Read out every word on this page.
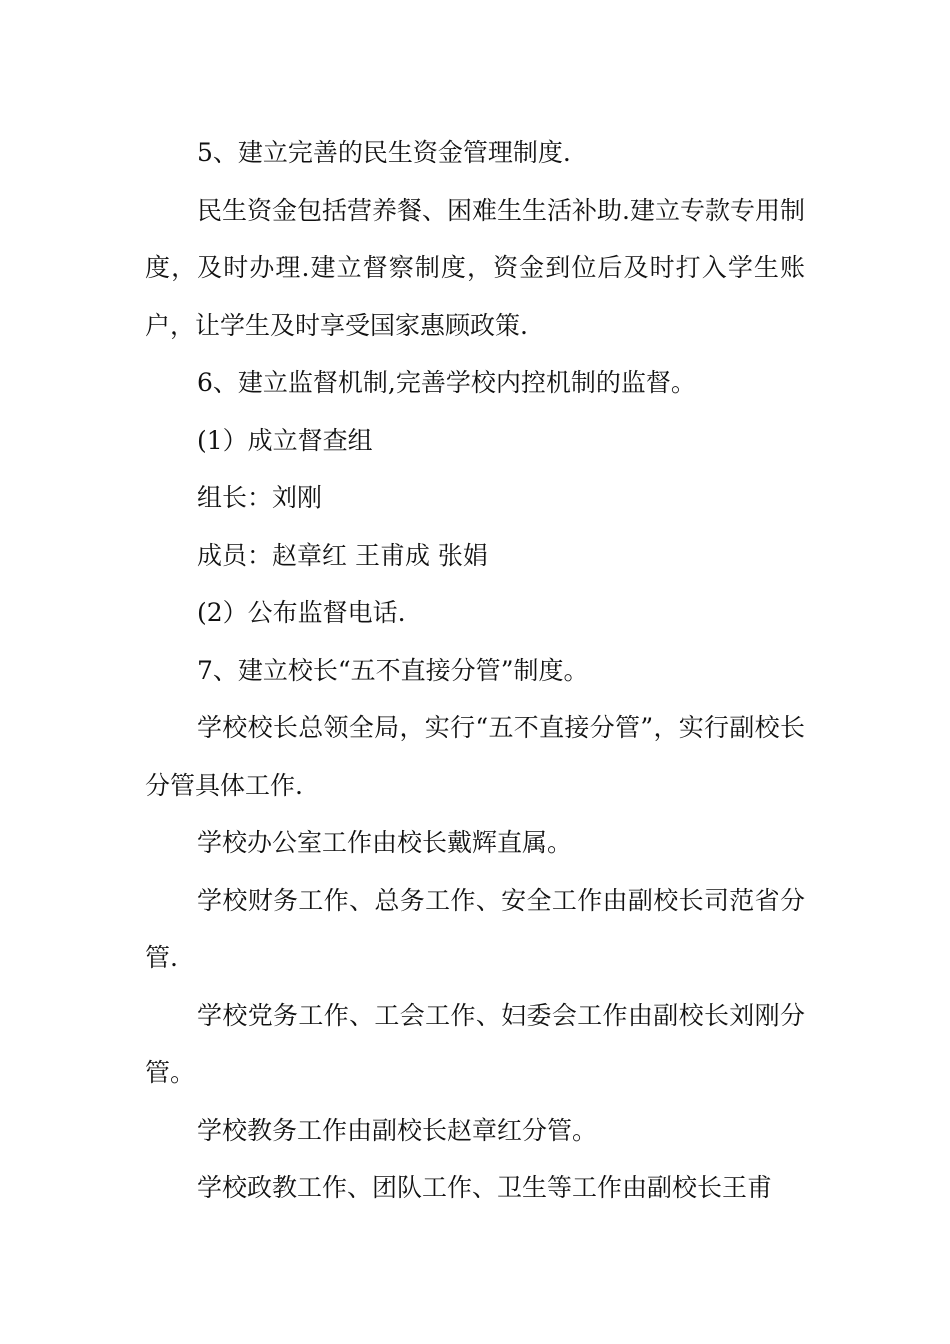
5、建立完善的民生资金管理制度.

民生资金包括营养餐、困难生生活补助.建立专款专用制度，及时办理.建立督察制度，资金到位后及时打入学生账户，让学生及时享受国家惠顾政策.

6、建立监督机制,完善学校内控机制的监督。

(1）成立督查组

组长：刘刚

成员：赵章红 王甫成 张娟

(2）公布监督电话.

7、建立校长“五不直接分管”制度。

学校校长总领全局，实行“五不直接分管”，实行副校长分管具体工作.

学校办公室工作由校长戴辉直属。

学校财务工作、总务工作、安全工作由副校长司范省分管.

学校党务工作、工会工作、妇委会工作由副校长刘刚分管。

学校教务工作由副校长赵章红分管。

学校政教工作、团队工作、卫生等工作由副校长王甫
